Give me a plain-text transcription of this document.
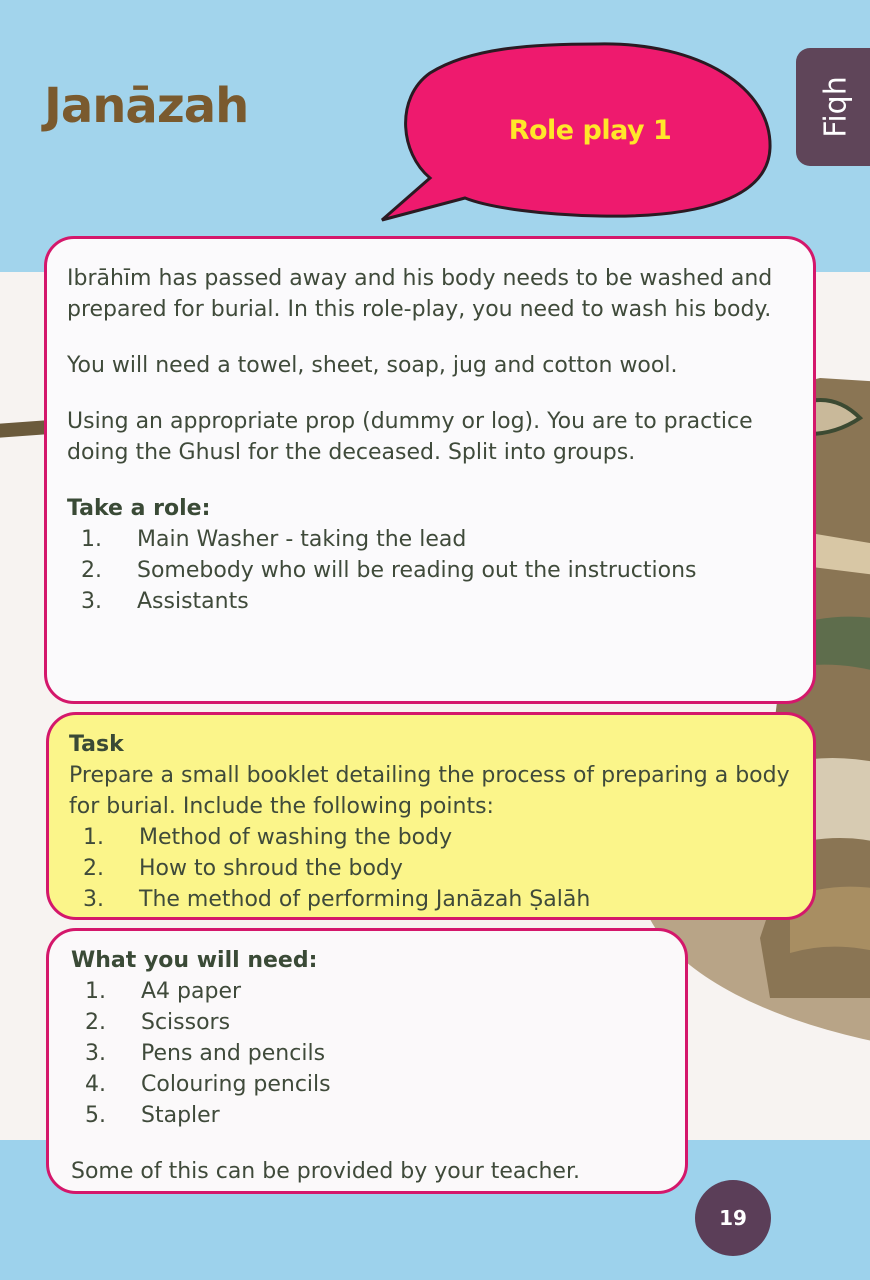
Janāzah	Role play 1	Fiqh

Ibrāhīm has passed away and his body needs to be washed and prepared for burial. In this role-play, you need to wash his body.

You will need a towel, sheet, soap, jug and cotton wool.

Using an appropriate prop (dummy or log). You are to practice doing the Ghusl for the deceased. Split into groups.

Take a role:

1.	Main Washer - taking the lead
2.	Somebody who will be reading out the instructions
3.	Assistants

Task

Prepare a small booklet detailing the process of preparing a body for burial. Include the following points:

1.	Method of washing the body
2.	How to shroud the body
3.	The method of performing Janāzah Ṣalāh

What you will need:

1.	A4 paper
2.	Scissors
3.	Pens and pencils
4.	Colouring pencils
5.	Stapler

Some of this can be provided by your teacher.

19
